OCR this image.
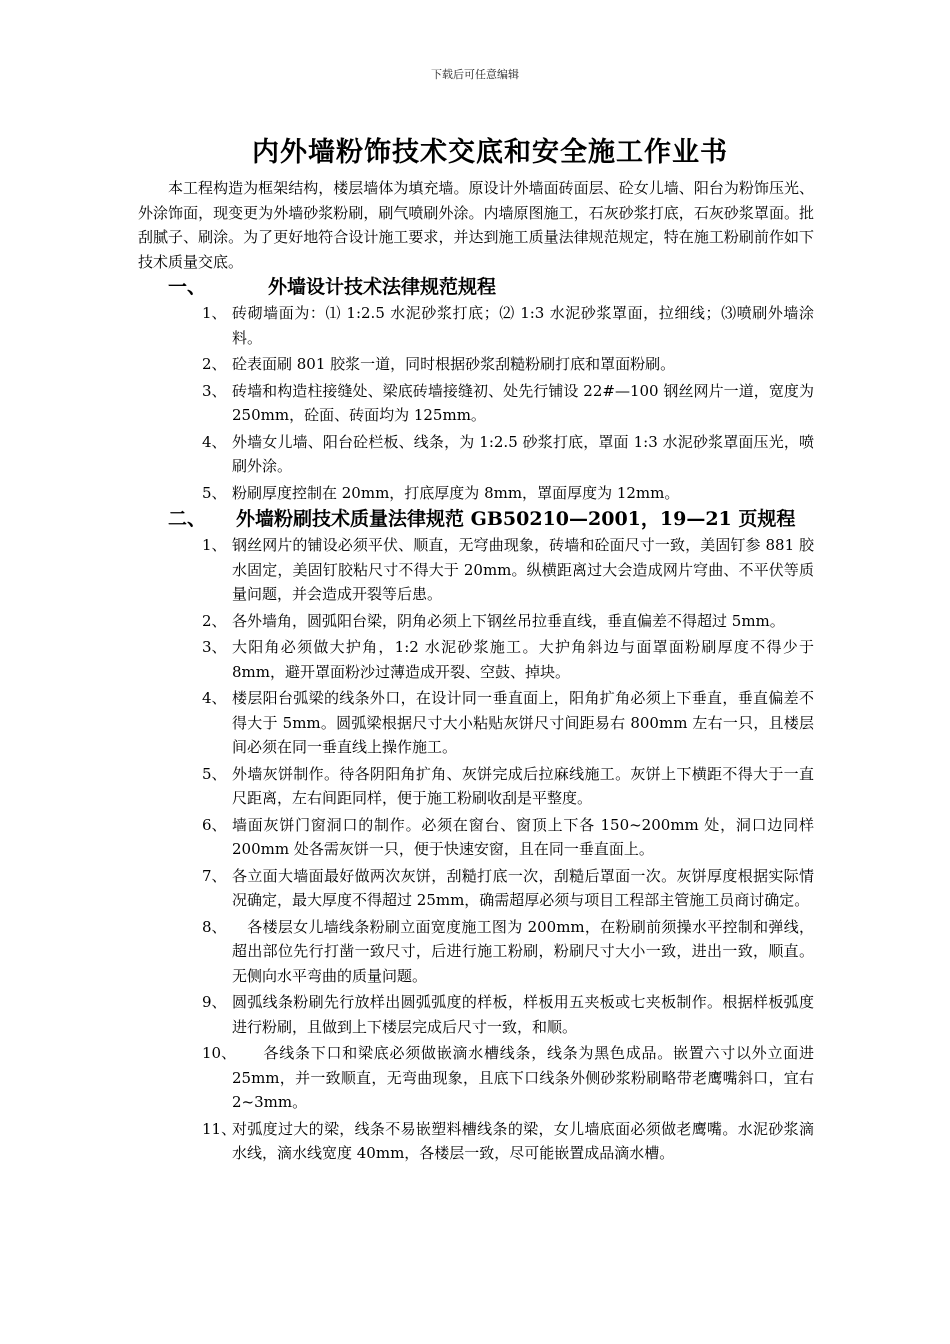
下载后可任意编辑
内外墙粉饰技术交底和安全施工作业书

本工程构造为框架结构，楼层墙体为填充墙。原设计外墙面砖面层、砼女儿墙、阳台为粉饰压光、外涂饰面，现变更为外墙砂浆粉刷，刷气喷刷外涂。内墙原图施工，石灰砂浆打底，石灰砂浆罩面。批刮腻子、刷涂。为了更好地符合设计施工要求，并达到施工质量法律规范规定，特在施工粉刷前作如下技术质量交底。

一、	外墙设计技术法律规范规程
1、 砖砌墙面为：⑴ 1:2.5 水泥砂浆打底；⑵ 1:3 水泥砂浆罩面，拉细线；⑶喷刷外墙涂料。
2、 砼表面刷 801 胶浆一道，同时根据砂浆刮糙粉刷打底和罩面粉刷。
3、 砖墙和构造柱接缝处、梁底砖墙接缝初、处先行铺设 22#—100 钢丝网片一道，宽度为 250mm，砼面、砖面均为 125mm。
4、 外墙女儿墙、阳台砼栏板、线条，为 1:2.5 砂浆打底，罩面 1:3 水泥砂浆罩面压光，喷刷外涂。
5、 粉刷厚度控制在 20mm，打底厚度为 8mm，罩面厚度为 12mm。
二、 外墙粉刷技术质量法律规范 GB50210—2001，19—21 页规程
1、 钢丝网片的铺设必须平伏、顺直，无穹曲现象，砖墙和砼面尺寸一致，美固钉参 881 胶水固定，美固钉胶粘尺寸不得大于 20mm。纵横距离过大会造成网片穹曲、不平伏等质量问题，并会造成开裂等后患。
2、 各外墙角，圆弧阳台梁，阴角必须上下钢丝吊拉垂直线，垂直偏差不得超过 5mm。
3、 大阳角必须做大护角，1:2 水泥砂浆施工。大护角斜边与面罩面粉刷厚度不得少于 8mm，避开罩面粉沙过薄造成开裂、空鼓、掉块。
4、 楼层阳台弧梁的线条外口，在设计同一垂直面上，阳角扩角必须上下垂直，垂直偏差不得大于 5mm。圆弧梁根据尺寸大小粘贴灰饼尺寸间距易右 800mm 左右一只，且楼层间必须在同一垂直线上操作施工。
5、 外墙灰饼制作。待各阴阳角扩角、灰饼完成后拉麻线施工。灰饼上下横距不得大于一直尺距离，左右间距同样，便于施工粉刷收刮是平整度。
6、 墙面灰饼门窗洞口的制作。必须在窗台、窗顶上下各 150~200mm 处，洞口边同样 200mm 处各需灰饼一只，便于快速安窗，且在同一垂直面上。
7、 各立面大墙面最好做两次灰饼，刮糙打底一次，刮糙后罩面一次。灰饼厚度根据实际情况确定，最大厚度不得超过 25mm，确需超厚必须与项目工程部主管施工员商讨确定。
8、 　各楼层女儿墙线条粉刷立面宽度施工图为 200mm，在粉刷前须操水平控制和弹线，超出部位先行打凿一致尺寸，后进行施工粉刷，粉刷尺寸大小一致，进出一致，顺直。无侧向水平弯曲的质量问题。
9、 圆弧线条粉刷先行放样出圆弧弧度的样板，样板用五夹板或七夹板制作。根据样板弧度进行粉刷，且做到上下楼层完成后尺寸一致，和顺。
10、
　　各线条下口和梁底必须做嵌滴水槽线条，线条为黑色成品。嵌置六寸以外立面进 25mm，并一致顺直，无弯曲现象，且底下口线条外侧砂浆粉刷略带老鹰嘴斜口，宜右 2~3mm。
11、
对弧度过大的梁，线条不易嵌塑料槽线条的梁，女儿墙底面必须做老鹰嘴。水泥砂浆滴水线，滴水线宽度 40mm，各楼层一致，尽可能嵌置成品滴水槽。
